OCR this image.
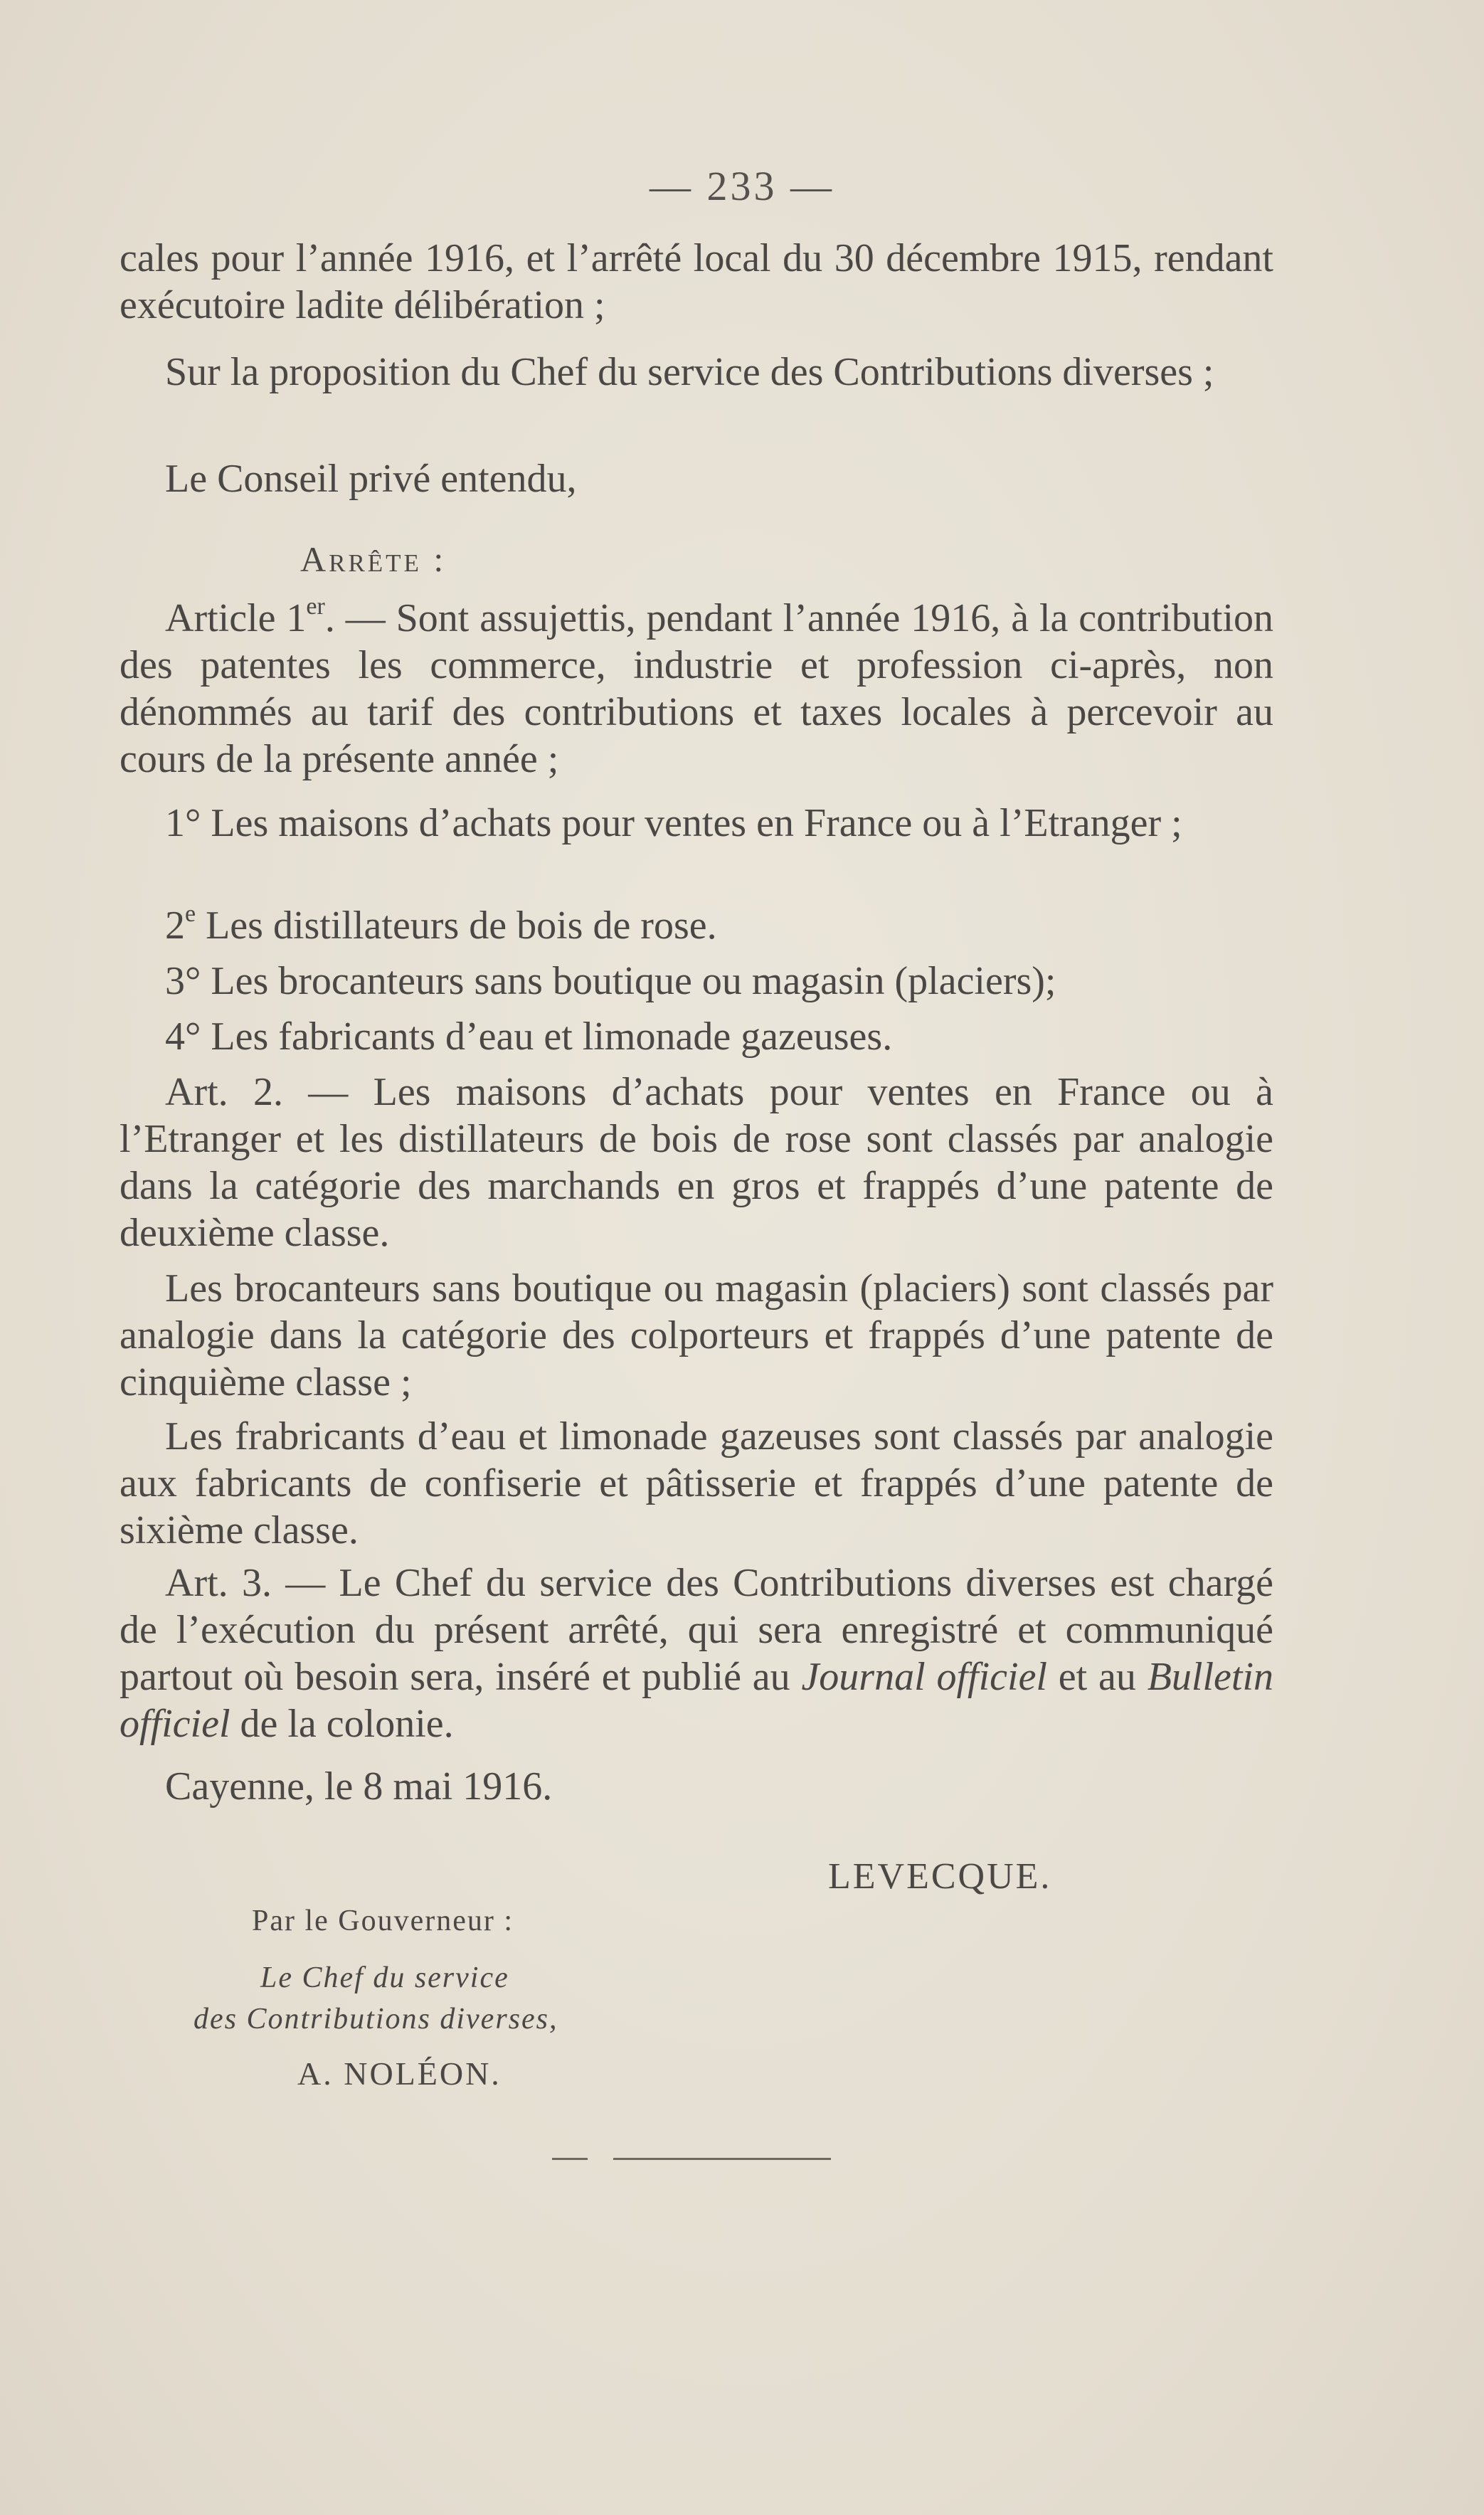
— 233 —

cales pour l’année 1916, et l’arrêté local du 30 décembre 1915, rendant exécutoire ladite délibération ;

Sur la proposition du Chef du service des Contributions diverses ;

Le Conseil privé entendu,

Arrête :

Article 1er. — Sont assujettis, pendant l’année 1916, à la contribution des patentes les commerce, industrie et profession ci-après, non dénommés au tarif des contributions et taxes locales à percevoir au cours de la présente année ;

1° Les maisons d’achats pour ventes en France ou à l’Etranger ;

2e Les distillateurs de bois de rose.

3° Les brocanteurs sans boutique ou magasin (placiers);

4° Les fabricants d’eau et limonade gazeuses.

Art. 2. — Les maisons d’achats pour ventes en France ou à l’Etranger et les distillateurs de bois de rose sont classés par analogie dans la catégorie des marchands en gros et frappés d’une patente de deuxième classe.

Les brocanteurs sans boutique ou magasin (placiers) sont classés par analogie dans la catégorie des colporteurs et frappés d’une patente de cinquième classe ;

Les frabricants d’eau et limonade gazeuses sont classés par analogie aux fabricants de confiserie et pâtisserie et frappés d’une patente de sixième classe.

Art. 3. — Le Chef du service des Contributions diverses est chargé de l’exécution du présent arrêté, qui sera enregistré et communiqué partout où besoin sera, inséré et publié au Journal officiel et au Bulletin officiel de la colonie.

Cayenne, le 8 mai 1916.

LEVECQUE.
Par le Gouverneur :
Le Chef du service
des Contributions diverses,
A. NOLÉON.
